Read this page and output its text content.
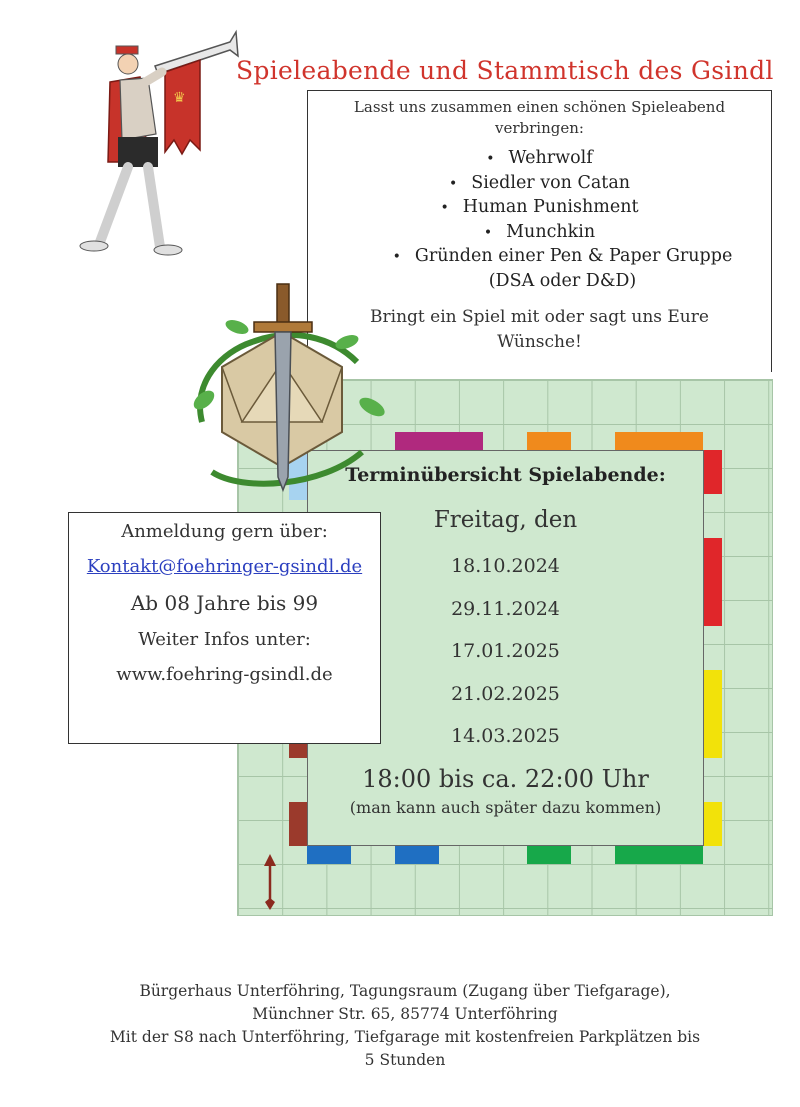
♛
Spieleabende und Stammtisch des Gsindl
Lasst uns zusammen einen schönen Spieleabend verbringen:
• Wehrwolf
• Siedler von Catan
• Human Punishment
• Munchkin
• Gründen einer Pen & Paper Gruppe (DSA oder D&D)
Bringt ein Spiel mit oder sagt uns Eure Wünsche!
Terminübersicht Spielabende:
Freitag, den
18.10.2024
29.11.2024
17.01.2025
21.02.2025
14.03.2025
18:00 bis ca. 22:00 Uhr
(man kann auch später dazu kommen)
Anmeldung gern über:
Kontakt@foehringer-gsindl.de
Ab 08 Jahre bis 99
Weiter Infos unter:
www.foehring-gsindl.de
Bürgerhaus Unterföhring, Tagungsraum (Zugang über Tiefgarage),
Münchner Str. 65, 85774 Unterföhring
Mit der S8 nach Unterföhring, Tiefgarage mit kostenfreien Parkplätzen bis
5 Stunden
